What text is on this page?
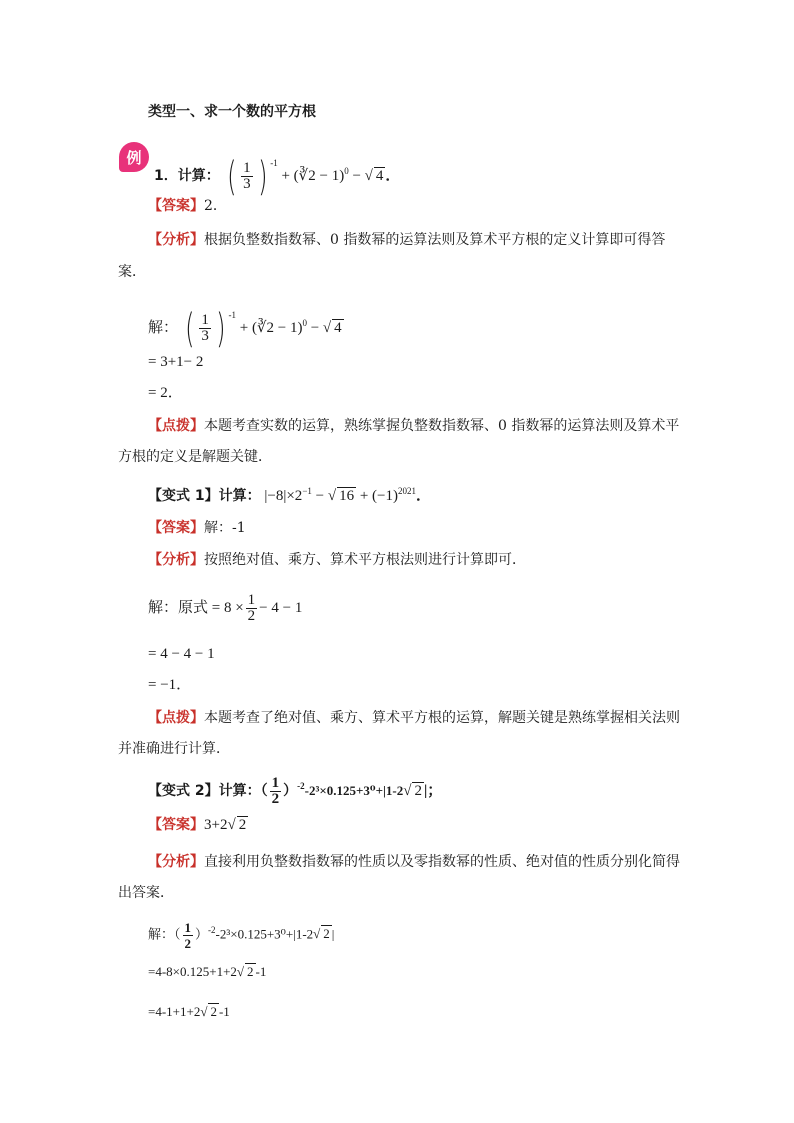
类型一、求一个数的平方根
例
1．计算： ( $\frac{1}{3}$ ) $^{-1}$ + (∛2 − 1)$^0$ − √ 4 ．
【答案】2．
【分析】根据负整数指数幂、0 指数幂的运算法则及算术平方根的定义计算即可得答
案．
解： ( $\frac{1}{3}$ ) $^{-1}$ + (∛2 − 1)$^0$ − √ 4
= 3+1− 2
= 2．
【点拨】本题考查实数的运算，熟练掌握负整数指数幂、0 指数幂的运算法则及算术平
方根的定义是解题关键．
【变式 1】计算： $|-8|\times 2^{-1}$ − √ $16 + (-1)^{2021}$．
【答案】解：-1
【分析】按照绝对值、乘方、算术平方根法则进行计算即可．
解：原式 = $8 \times \frac{1}{2} - 4 - 1$
= 4 − 4 − 1
= −1．
【点拨】本题考查了绝对值、乘方、算术平方根的运算，解题关键是熟练掌握相关法则
并准确进行计算．
【变式 2】计算：（ $\frac{1}{2} )^{-2}-2^3\times 0.125+3^0+|1-2√$ 2 |；
【答案】3+2√ 2
【分析】直接利用负整数指数幂的性质以及零指数幂的性质、绝对值的性质分别化简得
出答案．
解：（ $\frac{1}{2} )^{-2}-2^3\times 0.125+3^0+|1-2√$ 2 |
=4-8×0.125+1+2√ 2 -1
=4-1+1+2√ 2 -1
